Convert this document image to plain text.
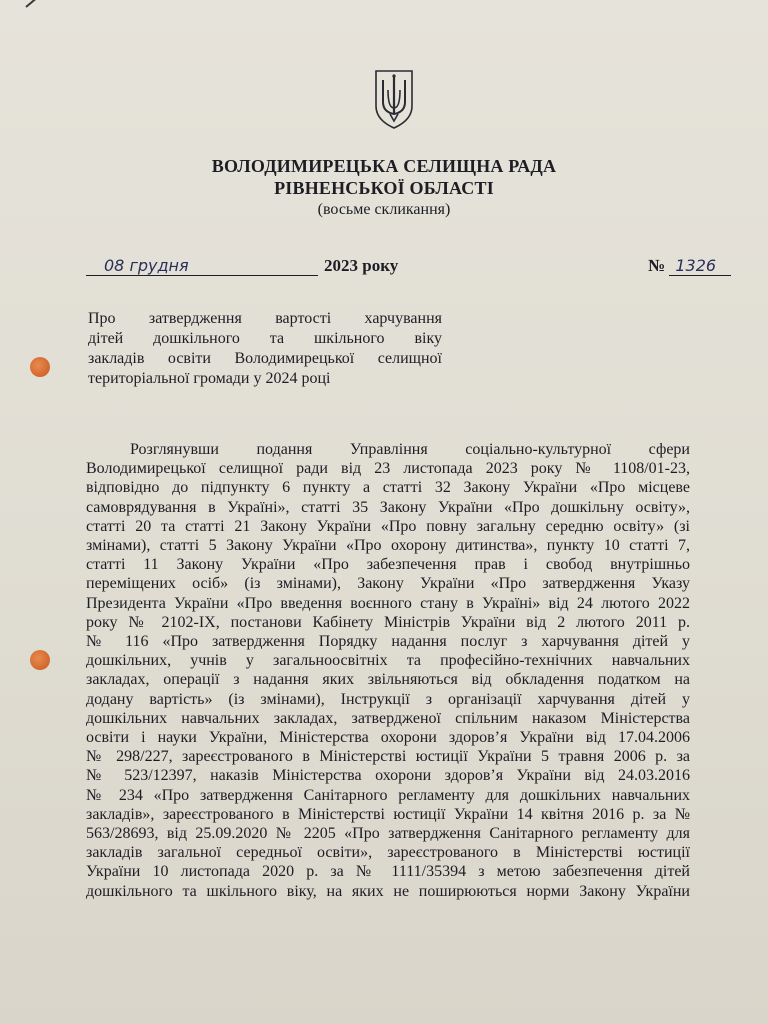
ВОЛОДИМИРЕЦЬКА СЕЛИЩНА РАДА
РІВНЕНСЬКОЇ ОБЛАСТІ
(восьме скликання)
08 грудня	2023 року	№ 1326
Про затвердження вартості харчування
дітей дошкільного та шкільного віку
закладів освіти Володимирецької селищної
територіальної громади у 2024 році
Розглянувши подання Управління соціально-культурної сфери
Володимирецької селищної ради від 23 листопада 2023 року № 1108/01-23,
відповідно до підпункту 6 пункту а статті 32 Закону України «Про місцеве
самоврядування в Україні», статті 35 Закону України «Про дошкільну освіту»,
статті 20 та статті 21 Закону України «Про повну загальну середню освіту» (зі
змінами), статті 5 Закону України «Про охорону дитинства», пункту 10 статті 7,
статті 11 Закону України «Про забезпечення прав і свобод внутрішньо
переміщених осіб» (із змінами), Закону України «Про затвердження Указу
Президента України «Про введення воєнного стану в Україні» від 24 лютого 2022
року № 2102-IX, постанови Кабінету Міністрів України від 2 лютого 2011 р.
№ 116 «Про затвердження Порядку надання послуг з харчування дітей у
дошкільних, учнів у загальноосвітніх та професійно-технічних навчальних
закладах, операції з надання яких звільняються від обкладення податком на
додану вартість» (із змінами), Інструкції з організації харчування дітей у
дошкільних навчальних закладах, затвердженої спільним наказом Міністерства
освіти і науки України, Міністерства охорони здоров’я України від 17.04.2006
№ 298/227, зареєстрованого в Міністерстві юстиції України 5 травня 2006 р. за
№ 523/12397, наказів Міністерства охорони здоров’я України від 24.03.2016
№ 234 «Про затвердження Санітарного регламенту для дошкільних навчальних
закладів», зареєстрованого в Міністерстві юстиції України 14 квітня 2016 р. за №
563/28693, від 25.09.2020 № 2205 «Про затвердження Санітарного регламенту для
закладів загальної середньої освіти», зареєстрованого в Міністерстві юстиції
України 10 листопада 2020 р. за № 1111/35394 з метою забезпечення дітей
дошкільного та шкільного віку, на яких не поширюються норми Закону України
